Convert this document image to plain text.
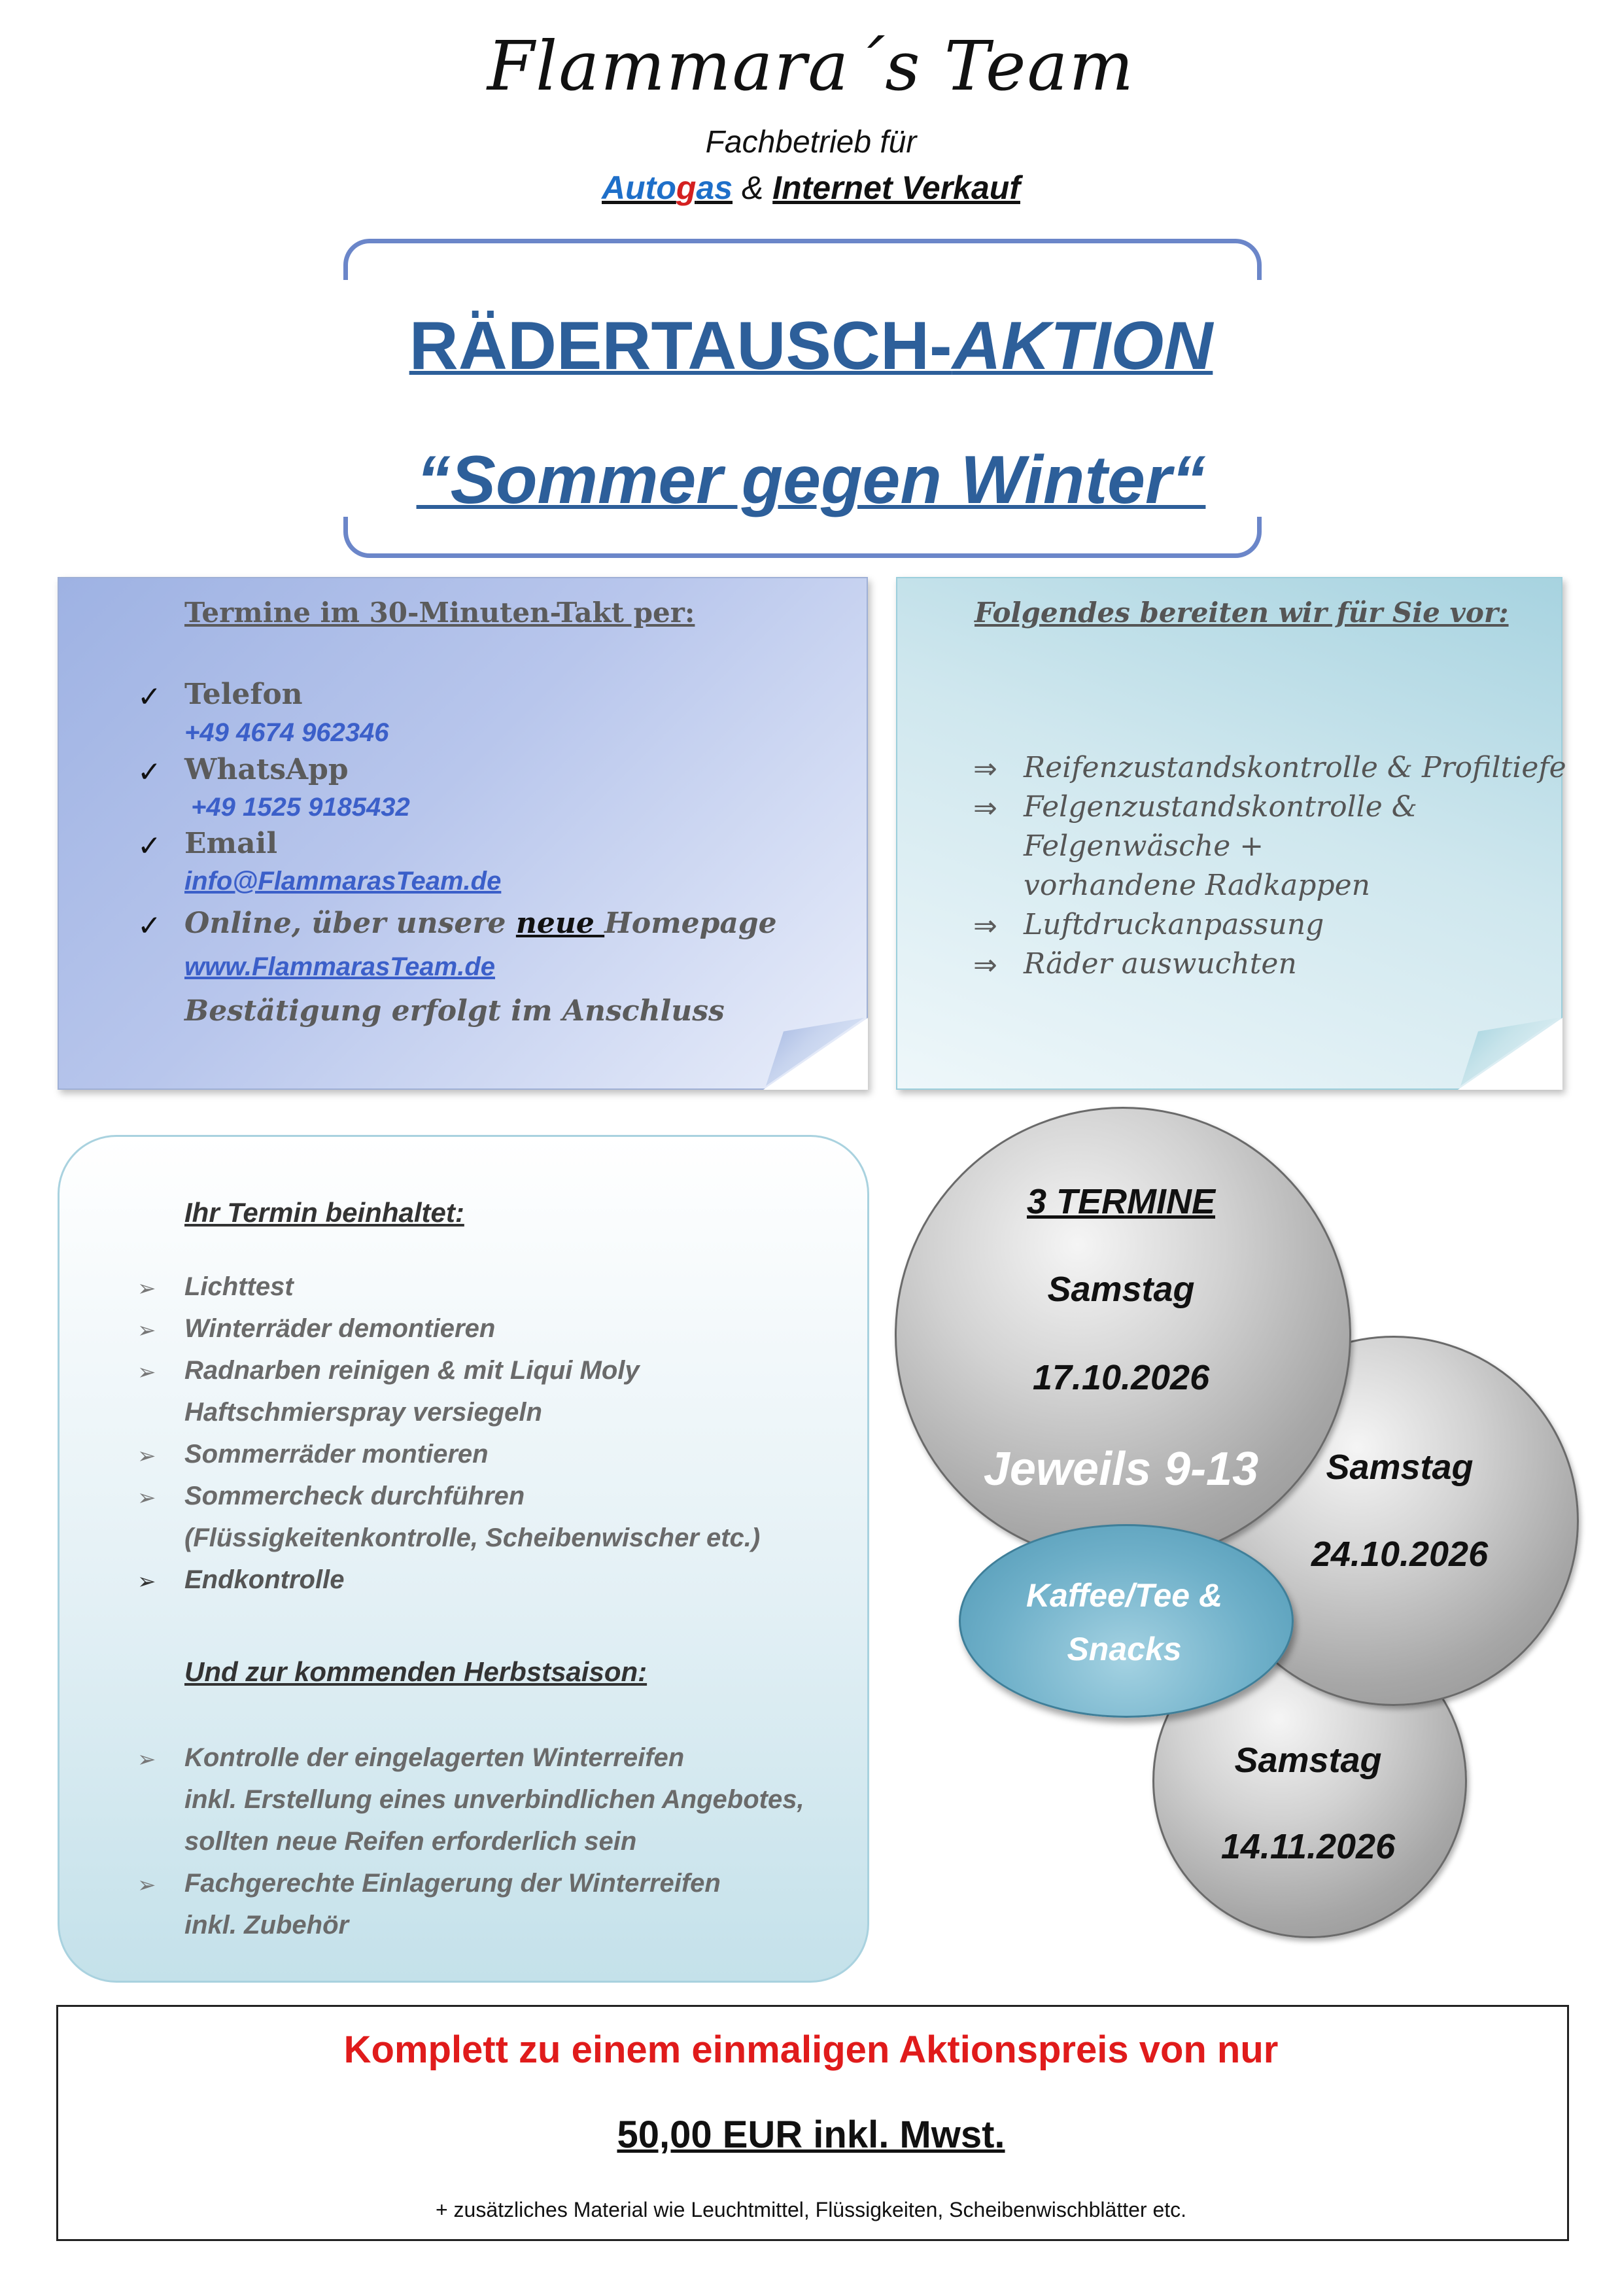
Flammara´s Team
Fachbetrieb für
Autogas & Internet Verkauf
RÄDERTAUSCH-AKTION
“Sommer gegen Winter“
Termine im 30-Minuten-Takt per:
✓ Telefon
+49 4674 962346
✓ WhatsApp
+49 1525 9185432
✓ Email
info@FlammarasTeam.de
✓ Online, über unsere neue Homepage
www.FlammarasTeam.de
Bestätigung erfolgt im Anschluss
Folgendes bereiten wir für Sie vor:
⇒ Reifenzustandskontrolle & Profiltiefe
⇒ Felgenzustandskontrolle &
Felgenwäsche +
vorhandene Radkappen
⇒ Luftdruckanpassung
⇒ Räder auswuchten
Ihr Termin beinhaltet:
➢ Lichttest
➢ Winterräder demontieren
➢ Radnarben reinigen & mit Liqui Moly
Haftschmierspray versiegeln
➢ Sommerräder montieren
➢ Sommercheck durchführen
(Flüssigkeitenkontrolle, Scheibenwischer etc.)
➢ Endkontrolle
Und zur kommenden Herbstsaison:
➢ Kontrolle der eingelagerten Winterreifen
inkl. Erstellung eines unverbindlichen Angebotes,
sollten neue Reifen erforderlich sein
➢ Fachgerechte Einlagerung der Winterreifen
inkl. Zubehör
3 TERMINE
Samstag
17.10.2026
Jeweils 9-13	Samstag
24.10.2026
Kaffee/Tee &
Snacks
Samstag
14.11.2026
Komplett zu einem einmaligen Aktionspreis von nur
50,00 EUR inkl. Mwst.
+ zusätzliches Material wie Leuchtmittel, Flüssigkeiten, Scheibenwischblätter etc.
